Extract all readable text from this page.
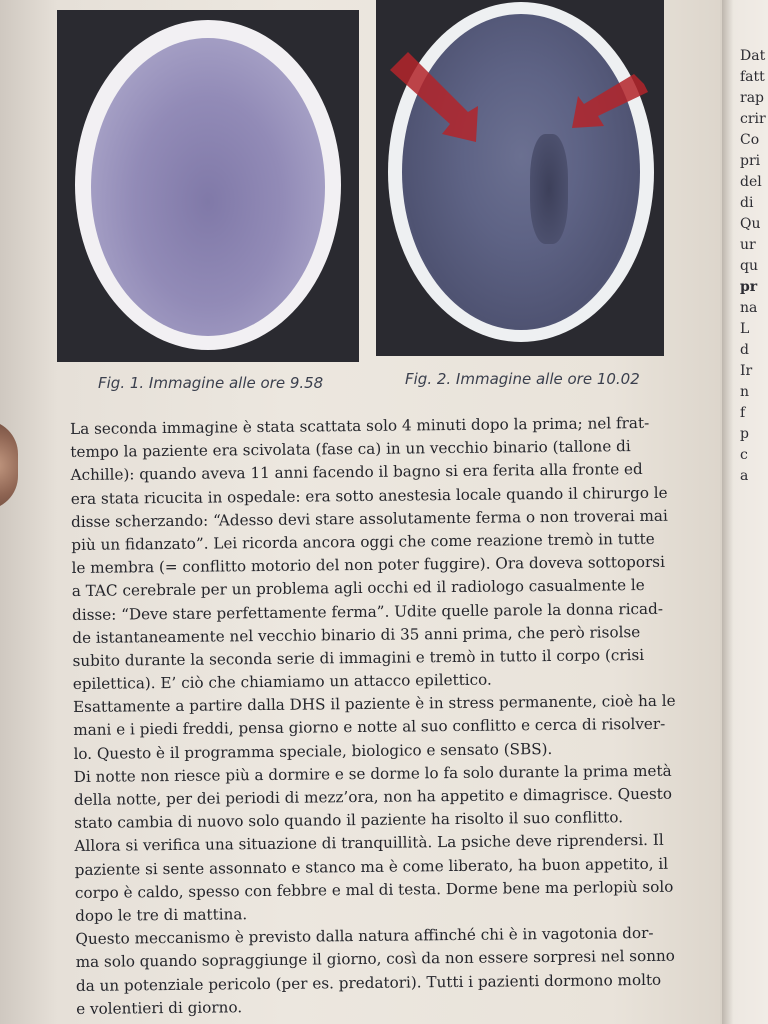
Fig. 1. Immagine alle ore 9.58	Fig. 2. Immagine alle ore 10.02
La seconda immagine è stata scattata solo 4 minuti dopo la prima; nel frat-
tempo la paziente era scivolata (fase ca) in un vecchio binario (tallone di
Achille): quando aveva 11 anni facendo il bagno si era ferita alla fronte ed
era stata ricucita in ospedale: era sotto anestesia locale quando il chirurgo le
disse scherzando: “Adesso devi stare assolutamente ferma o non troverai mai
più un fidanzato”. Lei ricorda ancora oggi che come reazione tremò in tutte
le membra (= conflitto motorio del non poter fuggire). Ora doveva sottoporsi
a TAC cerebrale per un problema agli occhi ed il radiologo casualmente le
disse: “Deve stare perfettamente ferma”. Udite quelle parole la donna ricad-
de istantaneamente nel vecchio binario di 35 anni prima, che però risolse
subito durante la seconda serie di immagini e tremò in tutto il corpo (crisi
epilettica). E’ ciò che chiamiamo un attacco epilettico.
Esattamente a partire dalla DHS il paziente è in stress permanente, cioè ha le
mani e i piedi freddi, pensa giorno e notte al suo conflitto e cerca di risolver-
lo. Questo è il programma speciale, biologico e sensato (SBS).
Di notte non riesce più a dormire e se dorme lo fa solo durante la prima metà
della notte, per dei periodi di mezz’ora, non ha appetito e dimagrisce. Questo
stato cambia di nuovo solo quando il paziente ha risolto il suo conflitto.
Allora si verifica una situazione di tranquillità. La psiche deve riprendersi. Il
paziente si sente assonnato e stanco ma è come liberato, ha buon appetito, il
corpo è caldo, spesso con febbre e mal di testa. Dorme bene ma perlopiù solo
dopo le tre di mattina.
Questo meccanismo è previsto dalla natura affinché chi è in vagotonia dor-
ma solo quando sopraggiunge il giorno, così da non essere sorpresi nel sonno
da un potenziale pericolo (per es. predatori). Tutti i pazienti dormono molto
e volentieri di giorno.
Dat
fatt
rap
crir
Co
pri
del
di
Qu
ur
qu
pr
na
L
d
Ir
n
f
p
c
a
